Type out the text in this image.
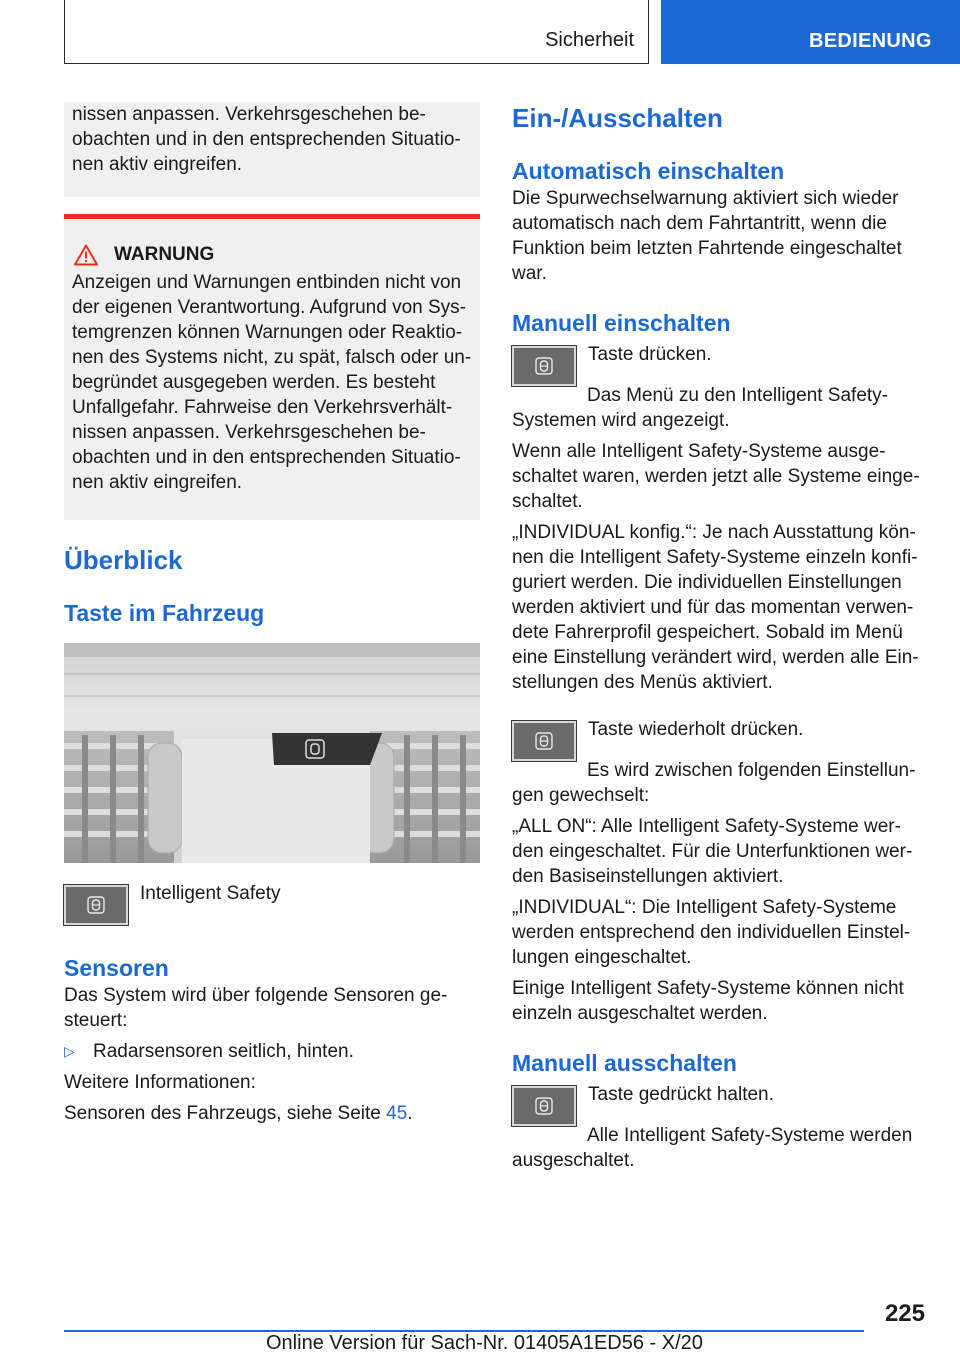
Sicherheit	BEDIENUNG

nissen anpassen. Verkehrsgeschehen beobachten und in den entsprechenden Situationen aktiv eingreifen.

WARNUNG

Anzeigen und Warnungen entbinden nicht von der eigenen Verantwortung. Aufgrund von Systemgrenzen können Warnungen oder Reaktionen des Systems nicht, zu spät, falsch oder unbegründet ausgegeben werden. Es besteht Unfallgefahr. Fahrweise den Verkehrsverhältnissen anpassen. Verkehrsgeschehen beobachten und in den entsprechenden Situationen aktiv eingreifen.

Überblick
Taste im Fahrzeug

Intelligent Safety

Sensoren

Das System wird über folgende Sensoren gesteuert:

▷ Radarsensoren seitlich, hinten.

Weitere Informationen:

Sensoren des Fahrzeugs, siehe Seite 45.

Ein-/Ausschalten
Automatisch einschalten

Die Spurwechselwarnung aktiviert sich wieder automatisch nach dem Fahrtantritt, wenn die Funktion beim letzten Fahrtende eingeschaltet war.

Manuell einschalten

Taste drücken.

Das Menü zu den Intelligent Safety-Systemen wird angezeigt.

Wenn alle Intelligent Safety-Systeme ausgeschaltet waren, werden jetzt alle Systeme eingeschaltet.

„INDIVIDUAL konfig.“: Je nach Ausstattung können die Intelligent Safety-Systeme einzeln konfiguriert werden. Die individuellen Einstellungen werden aktiviert und für das momentan verwendete Fahrerprofil gespeichert. Sobald im Menü eine Einstellung verändert wird, werden alle Einstellungen des Menüs aktiviert.

Taste wiederholt drücken.

Es wird zwischen folgenden Einstellungen gewechselt:

„ALL ON“: Alle Intelligent Safety-Systeme werden eingeschaltet. Für die Unterfunktionen werden Basiseinstellungen aktiviert.

„INDIVIDUAL“: Die Intelligent Safety-Systeme werden entsprechend den individuellen Einstellungen eingeschaltet.

Einige Intelligent Safety-Systeme können nicht einzeln ausgeschaltet werden.

Manuell ausschalten

Taste gedrückt halten.

Alle Intelligent Safety-Systeme werden ausgeschaltet.

225
Online Version für Sach-Nr. 01405A1ED56 - X/20
